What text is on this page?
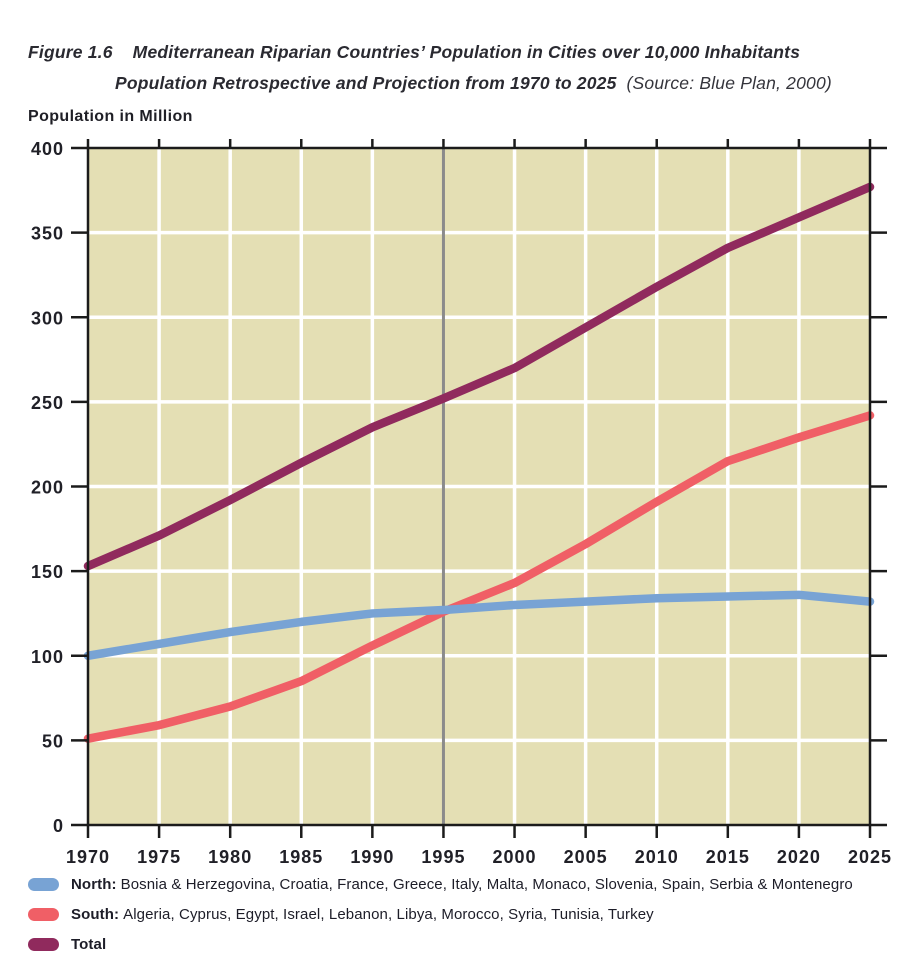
Figure 1.6 Mediterranean Riparian Countries’ Population in Cities over 10,000 Inhabitants
Population Retrospective and Projection from 1970 to 2025 (Source: Blue Plan, 2000)
Population in Million
0
50
100
150
200
250
300
350
400
1970 1975 1980 1985 1990 1995 2000 2005 2010 2015 2020 2025
North: Bosnia & Herzegovina, Croatia, France, Greece, Italy, Malta, Monaco, Slovenia, Spain, Serbia & Montenegro
South: Algeria, Cyprus, Egypt, Israel, Lebanon, Libya, Morocco, Syria, Tunisia, Turkey
Total
